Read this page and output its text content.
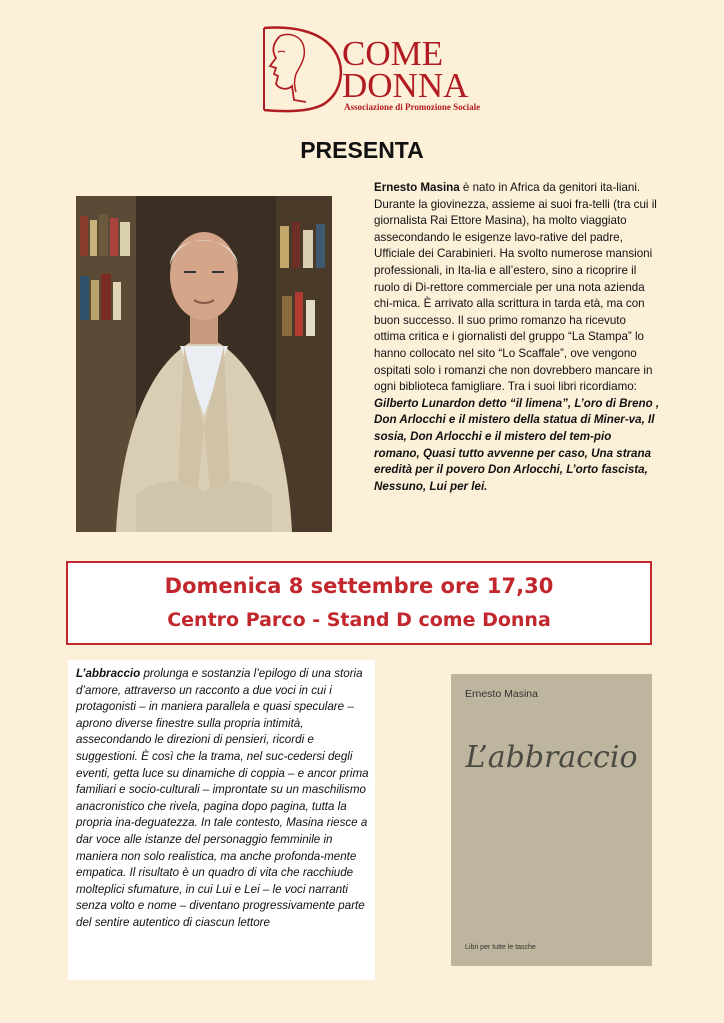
COME
DONNA
Associazione di Promozione Sociale
PRESENTA
Ernesto Masina è nato in Africa da genitori ita-liani. Durante la giovinezza, assieme ai suoi fra-telli (tra cui il giornalista Rai Ettore Masina), ha molto viaggiato assecondando le esigenze lavo-rative del padre, Ufficiale dei Carabinieri. Ha svolto numerose mansioni professionali, in Ita-lia e all’estero, sino a ricoprire il ruolo di Di-rettore commerciale per una nota azienda chi-mica. È arrivato alla scrittura in tarda età, ma con buon successo. Il suo primo romanzo ha ricevuto ottima critica e i giornalisti del gruppo “La Stampa” lo hanno collocato nel sito “Lo Scaffale”, ove vengono ospitati solo i romanzi che non dovrebbero mancare in ogni biblioteca famigliare. Tra i suoi libri ricordiamo: Gilberto Lunardon detto “il limena”, L’oro di Breno , Don Arlocchi e il mistero della statua di Miner-va, Il sosia, Don Arlocchi e il mistero del tem-pio romano, Quasi tutto avvenne per caso, Una strana eredità per il povero Don Arlocchi, L’orto fascista, Nessuno, Lui per lei.
Domenica 8 settembre ore 17,30
Centro Parco - Stand D come Donna
L’abbraccio prolunga e sostanzia l’epilogo di una storia d’amore, attraverso un racconto a due voci in cui i protagonisti – in maniera parallela e quasi speculare – aprono diverse finestre sulla propria intimità, assecondando le direzioni di pensieri, ricordi e suggestioni. È così che la trama, nel suc-cedersi degli eventi, getta luce su dinamiche di coppia – e ancor prima familiari e socio-culturali – improntate su un maschilismo anacronistico che rivela, pagina dopo pagina, tutta la propria ina-deguatezza. In tale contesto, Masina riesce a dar voce alle istanze del personaggio femminile in maniera non solo realistica, ma anche profonda-mente empatica. Il risultato è un quadro di vita che racchiude molteplici sfumature, in cui Lui e Lei – le voci narranti senza volto e nome – diventano progressivamente parte del sentire autentico di ciascun lettore
Ernesto Masina
L’abbraccio
Libri per tutte le tasche
